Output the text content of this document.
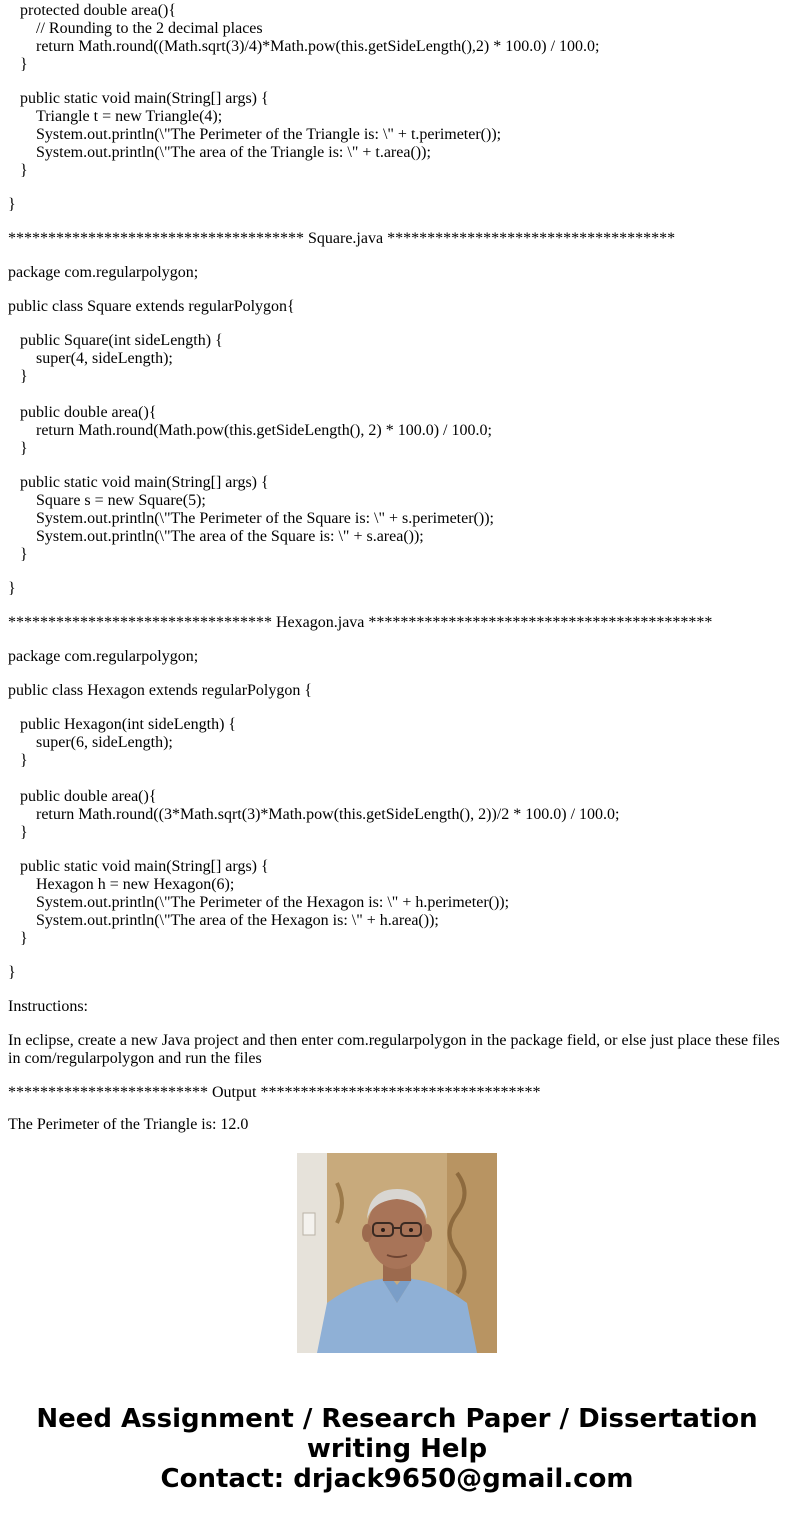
protected double area(){
// Rounding to the 2 decimal places
return Math.round((Math.sqrt(3)/4)*Math.pow(this.getSideLength(),2) * 100.0) / 100.0;
}
public static void main(String[] args) {
Triangle t = new Triangle(4);
System.out.println(\"The Perimeter of the Triangle is: \" + t.perimeter());
System.out.println(\"The area of the Triangle is: \" + t.area());
}
}
************************************* Square.java ************************************
package com.regularpolygon;
public class Square extends regularPolygon{
public Square(int sideLength) {
super(4, sideLength);
}
public double area(){
return Math.round(Math.pow(this.getSideLength(), 2) * 100.0) / 100.0;
}
public static void main(String[] args) {
Square s = new Square(5);
System.out.println(\"The Perimeter of the Square is: \" + s.perimeter());
System.out.println(\"The area of the Square is: \" + s.area());
}
}
********************************* Hexagon.java *******************************************
package com.regularpolygon;
public class Hexagon extends regularPolygon {
public Hexagon(int sideLength) {
super(6, sideLength);
}
public double area(){
return Math.round((3*Math.sqrt(3)*Math.pow(this.getSideLength(), 2))/2 * 100.0) / 100.0;
}
public static void main(String[] args) {
Hexagon h = new Hexagon(6);
System.out.println(\"The Perimeter of the Hexagon is: \" + h.perimeter());
System.out.println(\"The area of the Hexagon is: \" + h.area());
}
}
Instructions:
In eclipse, create a new Java project and then enter com.regularpolygon in the package field, or else just place these files in com/regularpolygon and run the files
************************* Output ***********************************
The Perimeter of the Triangle is: 12.0
Need Assignment / Research Paper / Dissertation
writing Help
Contact: drjack9650@gmail.com
